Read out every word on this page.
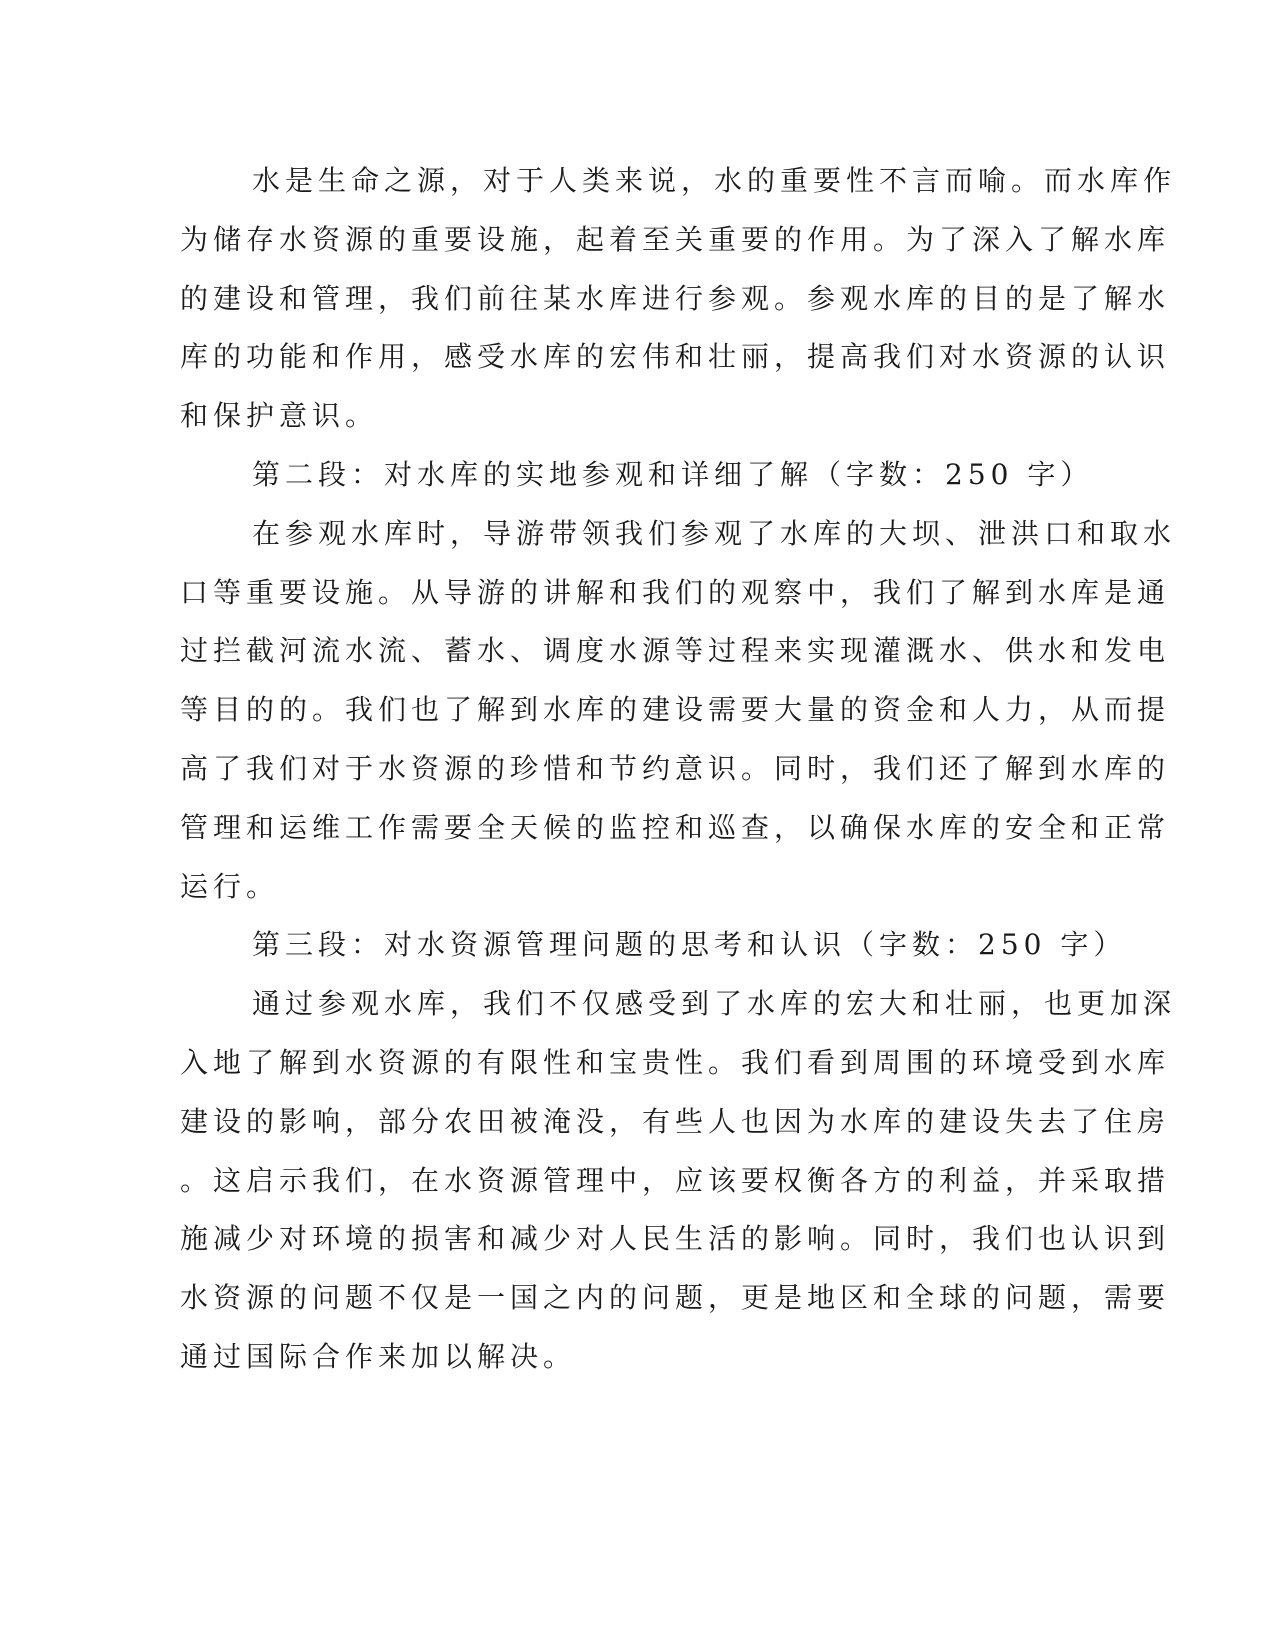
水是生命之源，对于人类来说，水的重要性不言而喻。而水库作
为储存水资源的重要设施，起着至关重要的作用。为了深入了解水库
的建设和管理，我们前往某水库进行参观。参观水库的目的是了解水
库的功能和作用，感受水库的宏伟和壮丽，提高我们对水资源的认识
和保护意识。
第二段：对水库的实地参观和详细了解（字数：250 字）
在参观水库时，导游带领我们参观了水库的大坝、泄洪口和取水
口等重要设施。从导游的讲解和我们的观察中，我们了解到水库是通
过拦截河流水流、蓄水、调度水源等过程来实现灌溉水、供水和发电
等目的的。我们也了解到水库的建设需要大量的资金和人力，从而提
高了我们对于水资源的珍惜和节约意识。同时，我们还了解到水库的
管理和运维工作需要全天候的监控和巡查，以确保水库的安全和正常
运行。
第三段：对水资源管理问题的思考和认识（字数：250 字）
通过参观水库，我们不仅感受到了水库的宏大和壮丽，也更加深
入地了解到水资源的有限性和宝贵性。我们看到周围的环境受到水库
建设的影响，部分农田被淹没，有些人也因为水库的建设失去了住房
。这启示我们，在水资源管理中，应该要权衡各方的利益，并采取措
施减少对环境的损害和减少对人民生活的影响。同时，我们也认识到
水资源的问题不仅是一国之内的问题，更是地区和全球的问题，需要
通过国际合作来加以解决。
